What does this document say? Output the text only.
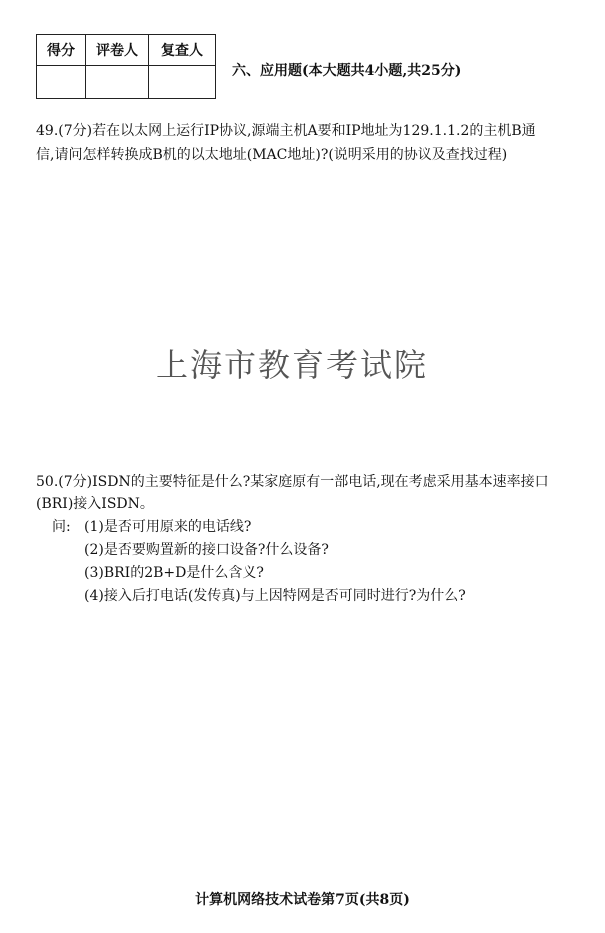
得分	评卷人	复查人

六、应用题(本大题共4小题,共25分)
49.(7分)若在以太网上运行IP协议,源端主机A要和IP地址为129.1.1.2的主机B通
信,请问怎样转换成B机的以太地址(MAC地址)?(说明采用的协议及查找过程)
上海市教育考试院
50.(7分)ISDN的主要特征是什么?某家庭原有一部电话,现在考虑采用基本速率接口
(BRI)接入ISDN。
问: (1)是否可用原来的电话线?
(2)是否要购置新的接口设备?什么设备?
(3)BRI的2B+D是什么含义?
(4)接入后打电话(发传真)与上因特网是否可同时进行?为什么?
计算机网络技术试卷第7页(共8页)
